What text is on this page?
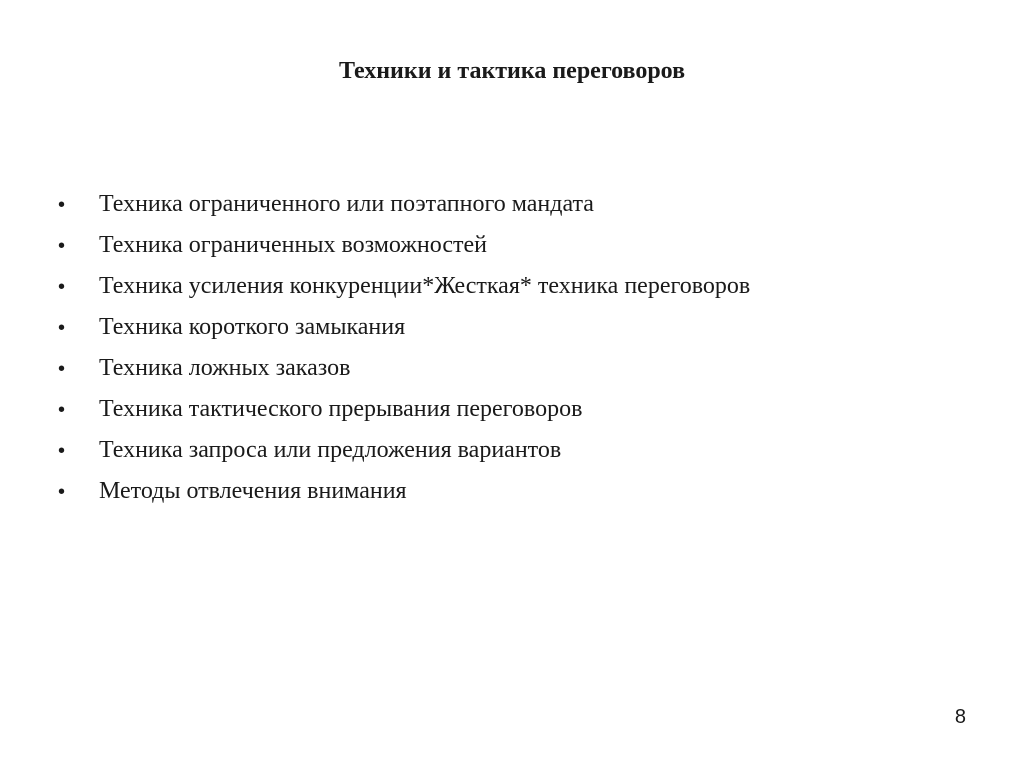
Техники и тактика переговоров
•	Техника ограниченного или поэтапного мандата
•	Техника ограниченных возможностей
•	Техника усиления конкуренции*Жесткая* техника переговоров
•	Техника короткого замыкания
•	Техника ложных заказов
•	Техника тактического прерывания переговоров
•	Техника запроса или предложения вариантов
•	Методы отвлечения внимания
8
